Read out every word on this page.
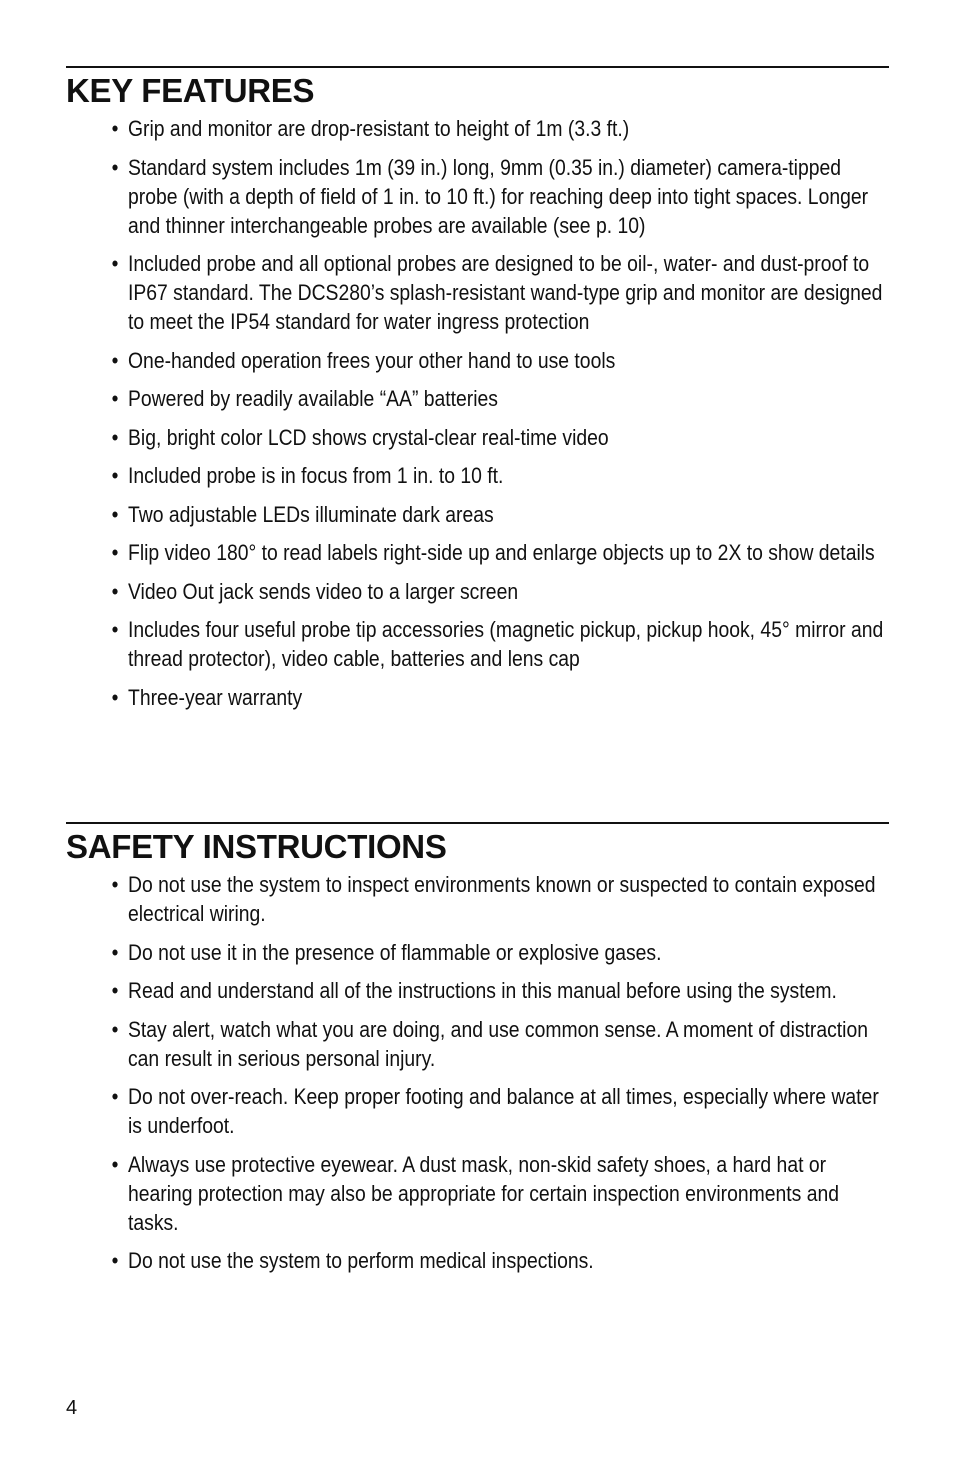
KEY FEATURES
• Grip and monitor are drop-resistant to height of 1m (3.3 ft.)
• Standard system includes 1m (39 in.) long, 9mm (0.35 in.) diameter) camera-tipped probe (with a depth of field of 1 in. to 10 ft.) for reaching deep into tight spaces. Longer and thinner interchangeable probes are available (see p. 10)
• Included probe and all optional probes are designed to be oil-, water- and dust-proof to IP67 standard. The DCS280’s splash-resistant wand-type grip and monitor are designed to meet the IP54 standard for water ingress protection
• One-handed operation frees your other hand to use tools
• Powered by readily available “AA” batteries
• Big, bright color LCD shows crystal-clear real-time video
• Included probe is in focus from 1 in. to 10 ft.
• Two adjustable LEDs illuminate dark areas
• Flip video 180° to read labels right-side up and enlarge objects up to 2X to show details
• Video Out jack sends video to a larger screen
• Includes four useful probe tip accessories (magnetic pickup, pickup hook, 45° mirror and thread protector), video cable, batteries and lens cap
• Three-year warranty
SAFETY INSTRUCTIONS
• Do not use the system to inspect environments known or suspected to contain exposed electrical wiring.
• Do not use it in the presence of flammable or explosive gases.
• Read and understand all of the instructions in this manual before using the system.
• Stay alert, watch what you are doing, and use common sense. A moment of distraction can result in serious personal injury.
• Do not over-reach. Keep proper footing and balance at all times, especially where water is underfoot.
• Always use protective eyewear. A dust mask, non-skid safety shoes, a hard hat or hearing protection may also be appropriate for certain inspection environments and tasks.
• Do not use the system to perform medical inspections.
4
